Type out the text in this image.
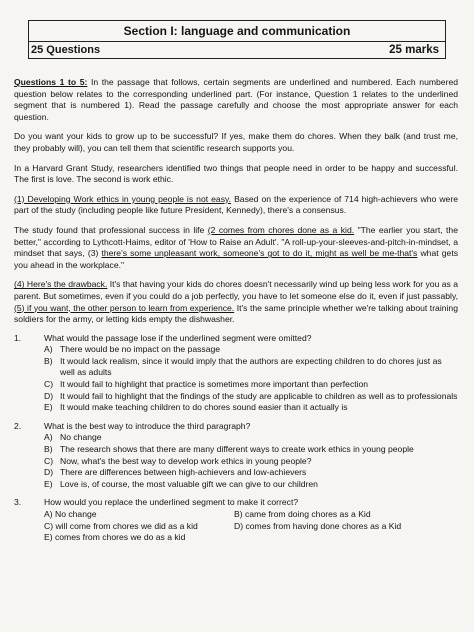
Section I: language and communication
25 Questions	25 marks

Questions 1 to 5: In the passage that follows, certain segments are underlined and numbered. Each numbered question below relates to the corresponding underlined part. (For instance, Question 1 relates to the underlined segment that is numbered 1). Read the passage carefully and choose the most appropriate answer for each question.

Do you want your kids to grow up to be successful? If yes, make them do chores. When they balk (and trust me, they probably will), you can tell them that scientific research supports you.

In a Harvard Grant Study, researchers identified two things that people need in order to be happy and successful. The first is love. The second is work ethic.

(1) Developing Work ethics in young people is not easy. Based on the experience of 714 high-achievers who were part of the study (including people like future President, Kennedy), there's a consensus.

The study found that professional success in life (2 comes from chores done as a kid. "The earlier you start, the better," according to Lythcott-Haims, editor of 'How to Raise an Adult'. "A roll-up-your-sleeves-and-pitch-in-mindset, a mindset that says, (3) there's some unpleasant work, someone's got to do it, might as well be me-that's what gets you ahead in the workplace."

(4) Here's the drawback. It's that having your kids do chores doesn't necessarily wind up being less work for you as a parent. But sometimes, even if you could do a job perfectly, you have to let someone else do it, even if just passably, (5) if you want, the other person to learn from experience. It's the same principle whether we're talking about training soldiers for the army, or letting kids empty the dishwasher.

1.	What would the passage lose if the underlined segment were omitted?
A) There would be no impact on the passage
B) It would lack realism, since it would imply that the authors are expecting children to do chores just as well as adults
C) It would fail to highlight that practice is sometimes more important than perfection
D) It would fail to highlight that the findings of the study are applicable to children as well as to professionals
E) It would make teaching children to do chores sound easier than it actually is
2.	What is the best way to introduce the third paragraph?
A) No change
B) The research shows that there are many different ways to create work ethics in young people
C) Now, what's the best way to develop work ethics in young people?
D) There are differences between high-achievers and low-achievers
E) Love is, of course, the most valuable gift we can give to our children
3.	How would you replace the underlined segment to make it correct?
A) No change	B) came from doing chores as a Kid
C) will come from chores we did as a kid	D) comes from having done chores as a Kid
E) comes from chores we do as a kid
